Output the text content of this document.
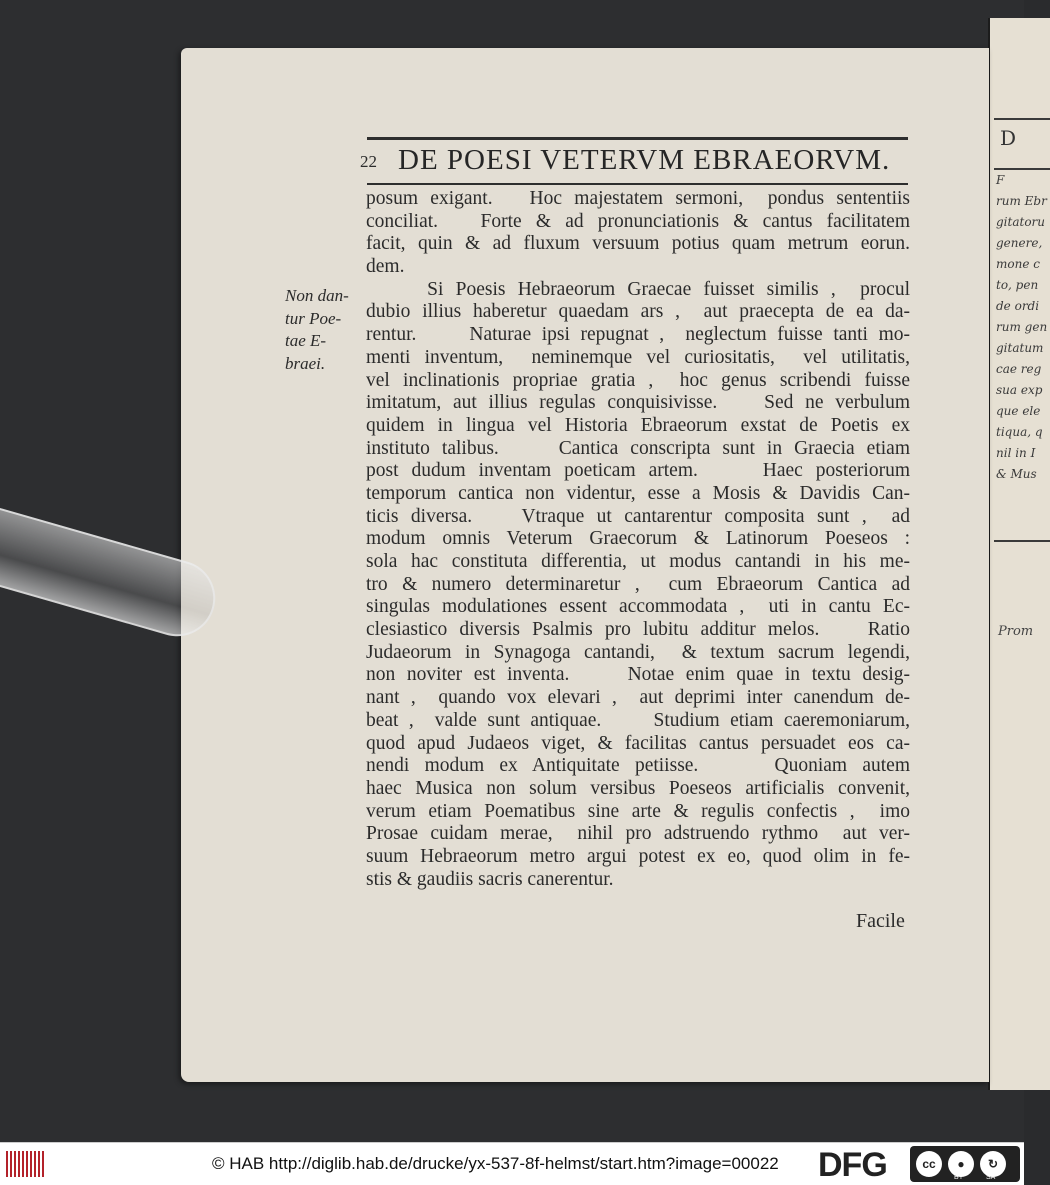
D
F
rum Ebr
gitatoru
genere,
mone c
to, pen
de ordi
rum gen
gitatum
cae reg
sua exp
que ele
tiqua, q
nil in I
& Mus
Prom
22 DE POESI VETERVM EBRAEORVM.
Non dan-
tur Poe-
tae E-
braei.
posum exigant.   Hoc majestatem sermoni,  pondus sententiis
conciliat.   Forte & ad pronunciationis & cantus facilitatem
facit, quin & ad fluxum versuum potius quam metrum eorun.
dem.
Si Poesis Hebraeorum Graecae fuisset similis ,  procul
dubio illius haberetur quaedam ars ,  aut praecepta de ea da-
rentur.     Naturae ipsi repugnat ,  neglectum fuisse tanti mo-
menti inventum,  neminemque vel curiositatis,  vel utilitatis,
vel inclinationis propriae gratia ,  hoc genus scribendi fuisse
imitatum, aut illius regulas conquisivisse.    Sed ne verbulum
quidem in lingua vel Historia Ebraeorum exstat de Poetis ex
instituto talibus.     Cantica conscripta sunt in Graecia etiam
post dudum inventam poeticam artem.     Haec posteriorum
temporum cantica non videntur, esse a Mosis & Davidis Can-
ticis diversa.    Vtraque ut cantarentur composita sunt ,  ad
modum omnis Veterum Graecorum & Latinorum Poeseos :
sola hac constituta differentia, ut modus cantandi in his me-
tro & numero determinaretur ,  cum Ebraeorum Cantica ad
singulas modulationes essent accommodata ,  uti in cantu Ec-
clesiastico diversis Psalmis pro lubitu additur melos.    Ratio
Judaeorum in Synagoga cantandi,  & textum sacrum legendi,
non noviter est inventa.     Notae enim quae in textu desig-
nant ,  quando vox elevari ,  aut deprimi inter canendum de-
beat ,  valde sunt antiquae.     Studium etiam caeremoniarum,
quod apud Judaeos viget, & facilitas cantus persuadet eos ca-
nendi modum ex Antiquitate petiisse.     Quoniam autem
haec Musica non solum versibus Poeseos artificialis convenit,
verum etiam Poematibus sine arte & regulis confectis ,  imo
Prosae cuidam merae,  nihil pro adstruendo rythmo  aut ver-
suum Hebraeorum metro argui potest ex eo, quod olim in fe-
stis & gaudiis sacris canerentur.
Facile
© HAB http://diglib.hab.de/drucke/yx-537-8f-helmst/start.htm?image=00022 DFG	cc	●	↻
BY	SA
